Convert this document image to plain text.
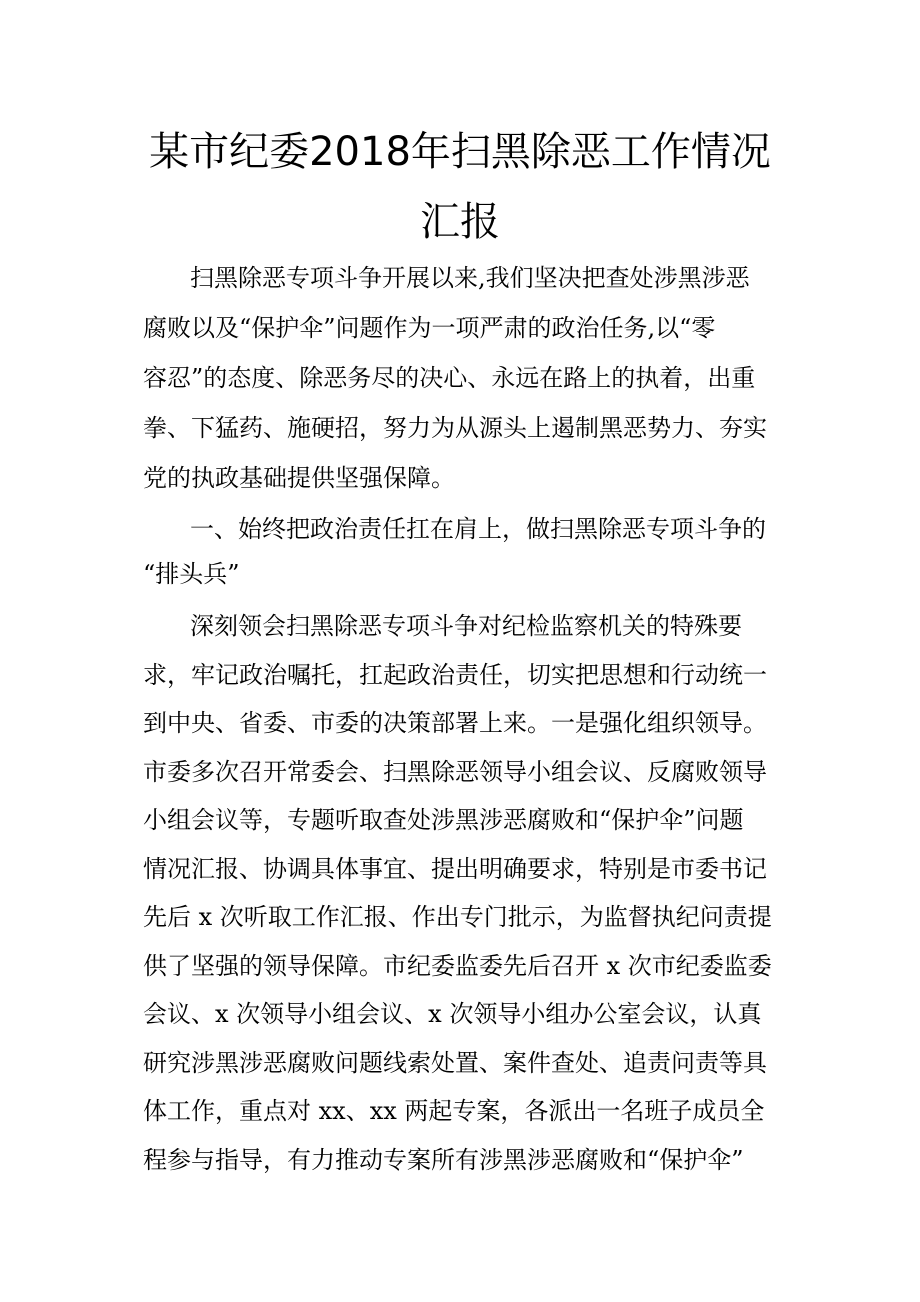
某市纪委2018年扫黑除恶工作情况
汇报
扫黑除恶专项斗争开展以来,我们坚决把查处涉黑涉恶
腐败以及“保护伞”问题作为一项严肃的政治任务,以“零
容忍”的态度、除恶务尽的决心、永远在路上的执着，出重
拳、下猛药、施硬招，努力为从源头上遏制黑恶势力、夯实
党的执政基础提供坚强保障。
一、始终把政治责任扛在肩上，做扫黑除恶专项斗争的
“排头兵”
深刻领会扫黑除恶专项斗争对纪检监察机关的特殊要
求，牢记政治嘱托，扛起政治责任，切实把思想和行动统一
到中央、省委、市委的决策部署上来。一是强化组织领导。
市委多次召开常委会、扫黑除恶领导小组会议、反腐败领导
小组会议等，专题听取查处涉黑涉恶腐败和“保护伞”问题
情况汇报、协调具体事宜、提出明确要求，特别是市委书记
先后 x 次听取工作汇报、作出专门批示，为监督执纪问责提
供了坚强的领导保障。市纪委监委先后召开 x 次市纪委监委
会议、x 次领导小组会议、x 次领导小组办公室会议，认真
研究涉黑涉恶腐败问题线索处置、案件查处、追责问责等具
体工作，重点对 xx、xx 两起专案，各派出一名班子成员全
程参与指导，有力推动专案所有涉黑涉恶腐败和“保护伞”
